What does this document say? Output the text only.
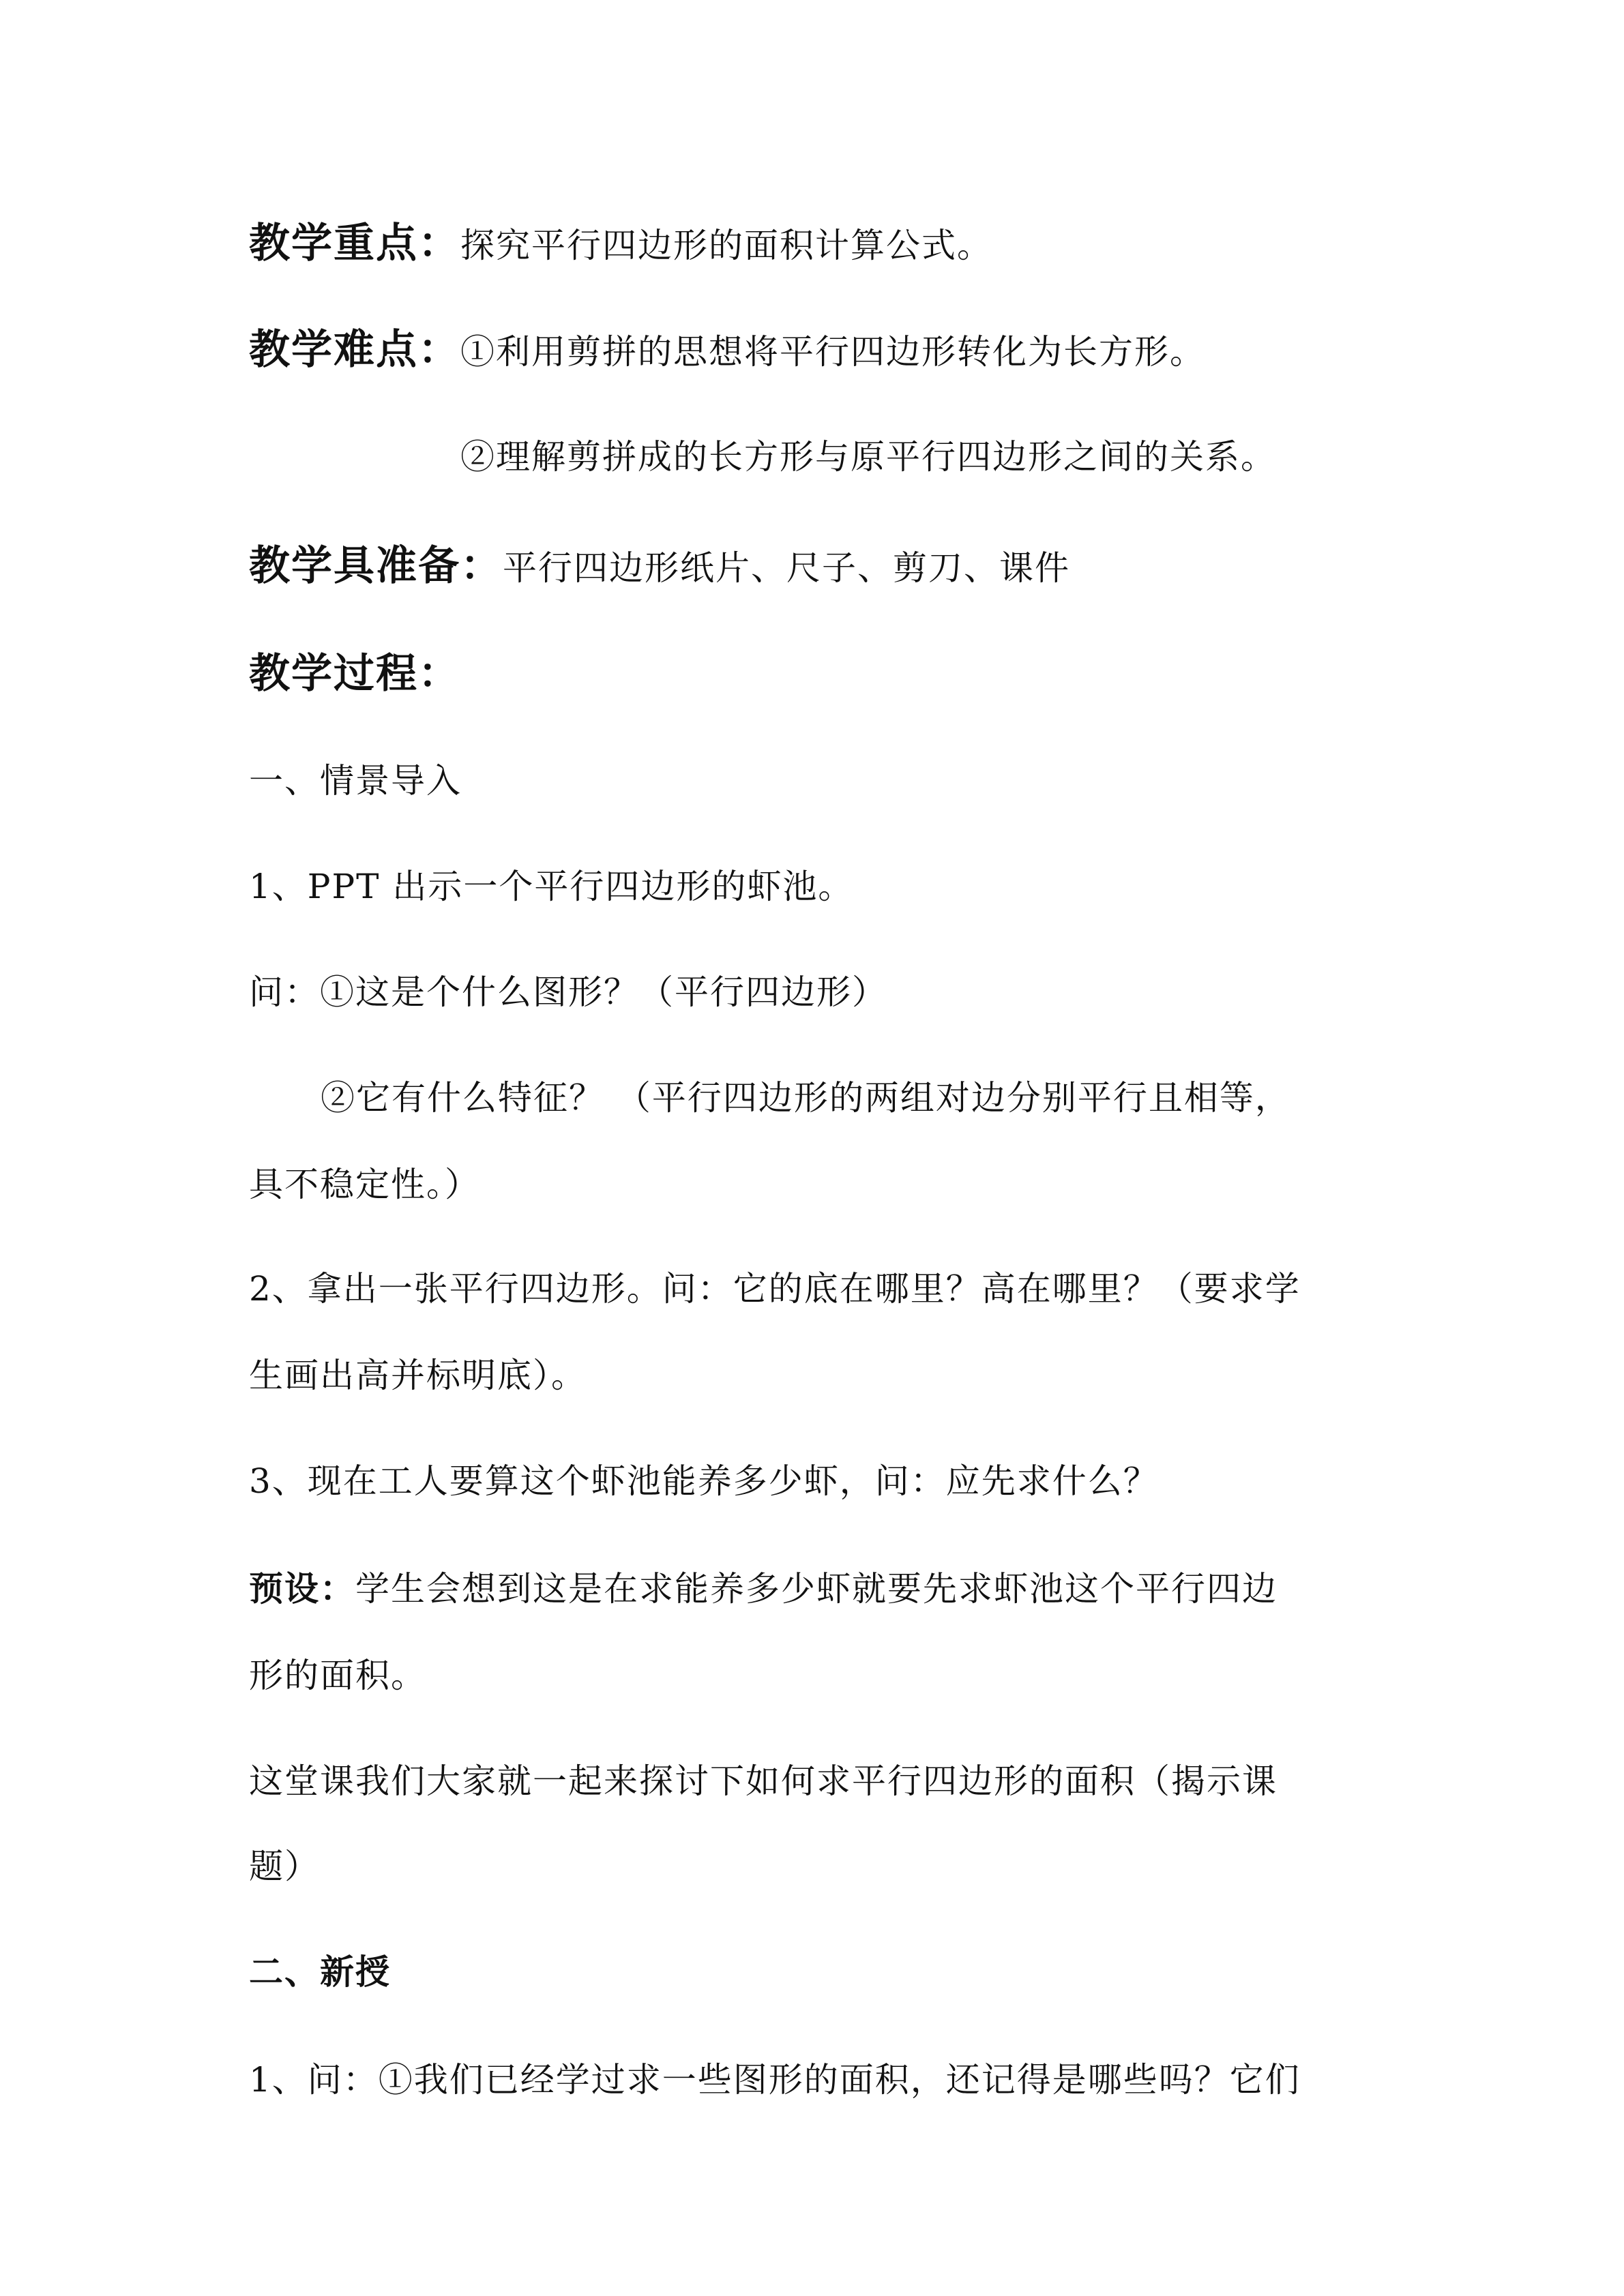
教学重点：探究平行四边形的面积计算公式。
教学难点：①利用剪拼的思想将平行四边形转化为长方形。
②理解剪拼成的长方形与原平行四边形之间的关系。
教学具准备：平行四边形纸片、尺子、剪刀、课件
教学过程：
一、情景导入
1、PPT 出示一个平行四边形的虾池。
问：①这是个什么图形？（平行四边形）
②它有什么特征？ （平行四边形的两组对边分别平行且相等，
具不稳定性。）
2、拿出一张平行四边形。问：它的底在哪里？高在哪里？（要求学
生画出高并标明底）。
3、现在工人要算这个虾池能养多少虾，问：应先求什么？
预设：学生会想到这是在求能养多少虾就要先求虾池这个平行四边
形的面积。
这堂课我们大家就一起来探讨下如何求平行四边形的面积（揭示课
题）
二、新授
1、问：①我们已经学过求一些图形的面积，还记得是哪些吗？它们
